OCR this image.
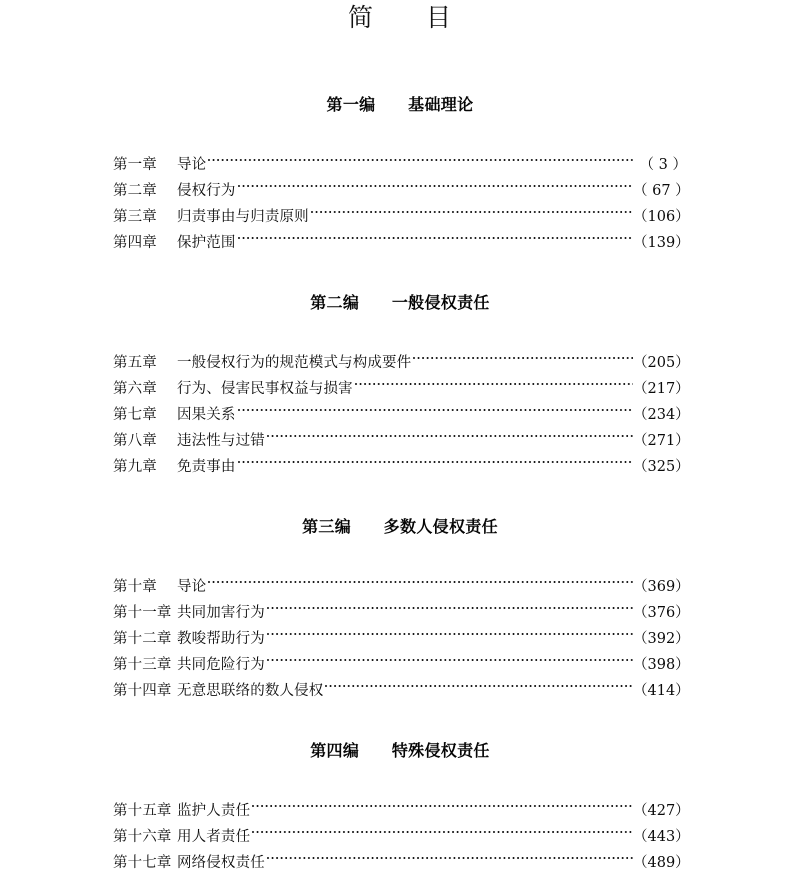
简　　目
第一编　　基础理论
第一章	导论	（ 3 ）
第二章	侵权行为	（ 67 ）
第三章	归责事由与归责原则	（106）
第四章	保护范围	（139）
第二编　　一般侵权责任
第五章	一般侵权行为的规范模式与构成要件	（205）
第六章	行为、侵害民事权益与损害	（217）
第七章	因果关系	（234）
第八章	违法性与过错	（271）
第九章	免责事由	（325）
第三编　　多数人侵权责任
第十章	导论	（369）
第十一章 共同加害行为	（376）
第十二章 教唆帮助行为	（392）
第十三章 共同危险行为	（398）
第十四章 无意思联络的数人侵权	（414）
第四编　　特殊侵权责任
第十五章 监护人责任	（427）
第十六章 用人者责任	（443）
第十七章 网络侵权责任	（489）
